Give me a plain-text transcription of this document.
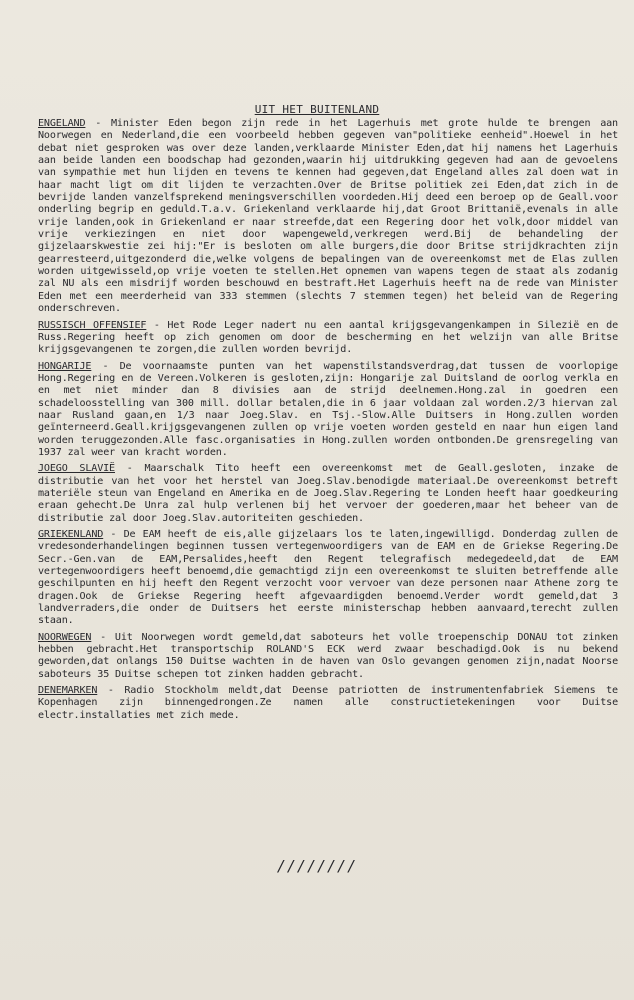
UIT HET BUITENLAND

ENGELAND - Minister Eden begon zijn rede in het Lagerhuis met grote hulde te brengen aan Noorwegen en Nederland,die een voorbeeld hebben gegeven van"politieke eenheid".Hoewel in het debat niet gesproken was over deze landen,verklaarde Minister Eden,dat hij namens het Lagerhuis aan beide landen een boodschap had gezonden,waarin hij uitdrukking gegeven had aan de gevoelens van sympathie met hun lijden en tevens te kennen had gegeven,dat Engeland alles zal doen wat in haar macht ligt om dit lijden te verzachten.Over de Britse politiek zei Eden,dat zich in de bevrijde landen vanzelfsprekend meningsverschillen voordeden.Hij deed een beroep op de Geall.voor onderling begrip en geduld.T.a.v. Griekenland verklaarde hij,dat Groot Brittanië,evenals in alle vrije landen,ook in Griekenland er naar streefde,dat een Regering door het volk,door middel van vrije verkiezingen en niet door wapengeweld,verkregen werd.Bij de behandeling der gijzelaarskwestie zei hij:"Er is besloten om alle burgers,die door Britse strijdkrachten zijn gearresteerd,uitgezonderd die,welke volgens de bepalingen van de overeenkomst met de Elas zullen worden uitgewisseld,op vrije voeten te stellen.Het opnemen van wapens tegen de staat als zodanig zal NU als een misdrijf worden beschouwd en bestraft.Het Lagerhuis heeft na de rede van Minister Eden met een meerderheid van 333 stemmen (slechts 7 stemmen tegen) het beleid van de Regering onderschreven.

RUSSISCH OFFENSIEF - Het Rode Leger nadert nu een aantal krijgsgevangenkampen in Silezië en de Russ.Regering heeft op zich genomen om door de bescherming en het welzijn van alle Britse krijgsgevangenen te zorgen,die zullen worden bevrijd.

HONGARIJE - De voornaamste punten van het wapenstilstandsverdrag,dat tussen de voorlopige Hong.Regering en de Vereen.Volkeren is gesloten,zijn: Hongarije zal Duitsland de oorlog verkla en en met niet minder dan 8 divisies aan de strijd deelnemen.Hong.zal in goedren een schadeloosstelling van 300 mill. dollar betalen,die in 6 jaar voldaan zal worden.2/3 hiervan zal naar Rusland gaan,en 1/3 naar Joeg.Slav. en Tsj.-Slow.Alle Duitsers in Hong.zullen worden geïnterneerd.Geall.krijgsgevangenen zullen op vrije voeten worden gesteld en naar hun eigen land worden teruggezonden.Alle fasc.organisaties in Hong.zullen worden ontbonden.De grensregeling van 1937 zal weer van kracht worden.

JOEGO SLAVIË - Maarschalk Tito heeft een overeenkomst met de Geall.gesloten, inzake de distributie van het voor het herstel van Joeg.Slav.benodigde materiaal.De overeenkomst betreft materiële steun van Engeland en Amerika en de Joeg.Slav.Regering te Londen heeft haar goedkeuring eraan gehecht.De Unra zal hulp verlenen bij het vervoer der goederen,maar het beheer van de distributie zal door Joeg.Slav.autoriteiten geschieden.

GRIEKENLAND - De EAM heeft de eis,alle gijzelaars los te laten,ingewilligd. Donderdag zullen de vredesonderhandelingen beginnen tussen vertegenwoordigers van de EAM en de Griekse Regering.De Secr.-Gen.van de EAM,Persalides,heeft den Regent telegrafisch medegedeeld,dat de EAM vertegenwoordigers heeft benoemd,die gemachtigd zijn een overeenkomst te sluiten betreffende alle geschilpunten en hij heeft den Regent verzocht voor vervoer van deze personen naar Athene zorg te dragen.Ook de Griekse Regering heeft afgevaardigden benoemd.Verder wordt gemeld,dat 3 landverraders,die onder de Duitsers het eerste ministerschap hebben aanvaard,terecht zullen staan.

NOORWEGEN - Uit Noorwegen wordt gemeld,dat saboteurs het volle troepenschip DONAU tot zinken hebben gebracht.Het transportschip ROLAND'S ECK werd zwaar beschadigd.Ook is nu bekend geworden,dat onlangs 150 Duitse wachten in de haven van Oslo gevangen genomen zijn,nadat Noorse saboteurs 35 Duitse schepen tot zinken hadden gebracht.

DENEMARKEN - Radio Stockholm meldt,dat Deense patriotten de instrumentenfabriek Siemens te Kopenhagen zijn binnengedrongen.Ze namen alle constructietekeningen voor Duitse electr.installaties met zich mede.

////////
